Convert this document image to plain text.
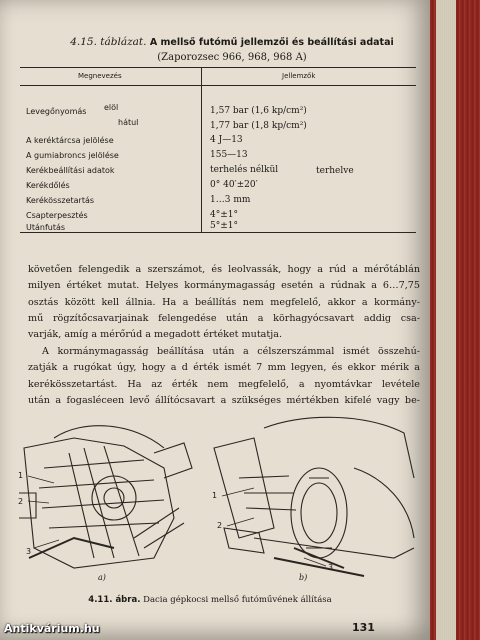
4.15. táblázat. A mellső futómű jellemzői és beállítási adatai
(Zaporozsec 966, 968, 968 A)
Megnevezés	Jellemzők
Levegőnyomás elöl	1,57 bar (1,6 kp/cm²)
hátul	1,77 bar (1,8 kp/cm²)
A keréktárcsa jelölése	4 J—13
A gumiabroncs jelölése	155—13
Kerékbeállítási adatok	terhelés nélkül	terhelve
Kerékdőlés	0° 40′±20′
Kerékösszetartás	1…3 mm
Csapterpesztés	4°±1°
Utánfutás	5°±1°

követően felengedik a szerszámot, és leolvassák, hogy a rúd a mérőtáblán

milyen értéket mutat. Helyes kormánymagasság esetén a rúdnak a 6…7,75

osztás között kell állnia. Ha a beállítás nem megfelelő, akkor a kormány-

mű rögzítőcsavarjainak felengedése után a körhagyócsavart addig csa-

varják, amíg a mérőrúd a megadott értéket mutatja.

A kormánymagasság beállítása után a célszerszámmal ismét összehú-

zatják a rugókat úgy, hogy a d érték ismét 7 mm legyen, és ekkor mérik a

kerékösszetartást. Ha az érték nem megfelelő, a nyomtávkar levétele

után a fogasléceen levő állítócsavart a szükséges mértékben kifelé vagy be-

1
2
3
1
2
3
a)	b)
4.11. ábra. Dacia gépkocsi mellső futóművének állítása
131
Antikvárium.hu
